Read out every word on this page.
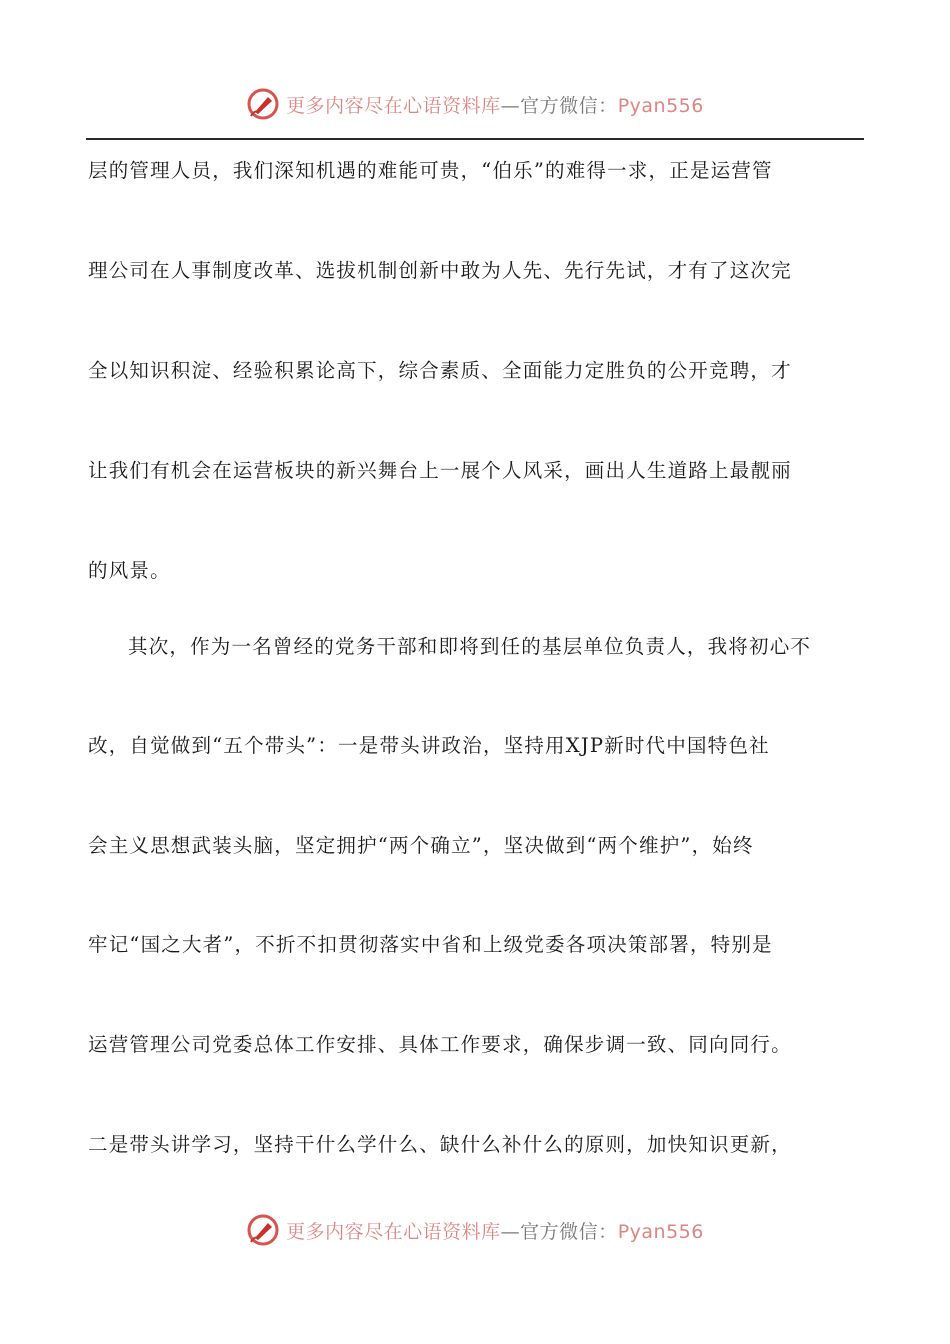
更多内容尽在心语资料库—官方微信：Pyan556
层的管理人员，我们深知机遇的难能可贵，“伯乐”的难得一求，正是运营管
理公司在人事制度改革、选拔机制创新中敢为人先、先行先试，才有了这次完
全以知识积淀、经验积累论高下，综合素质、全面能力定胜负的公开竞聘，才
让我们有机会在运营板块的新兴舞台上一展个人风采，画出人生道路上最靓丽
的风景。
其次，作为一名曾经的党务干部和即将到任的基层单位负责人，我将初心不
改，自觉做到“五个带头”：一是带头讲政治，坚持用XJP新时代中国特色社
会主义思想武装头脑，坚定拥护“两个确立”，坚决做到“两个维护”，始终
牢记“国之大者”，不折不扣贯彻落实中省和上级党委各项决策部署，特别是
运营管理公司党委总体工作安排、具体工作要求，确保步调一致、同向同行。
二是带头讲学习，坚持干什么学什么、缺什么补什么的原则，加快知识更新，
更多内容尽在心语资料库—官方微信：Pyan556
